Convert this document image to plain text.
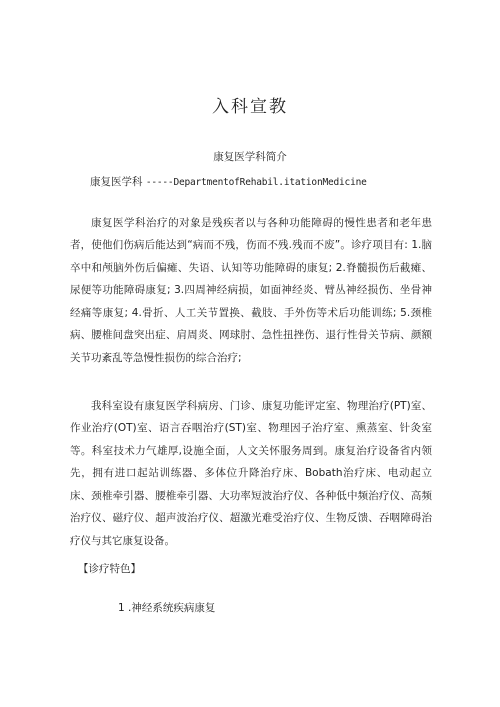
入科宣教
康复医学科简介
康复医学科 -----DepartmentofRehabil.itationMedicine

康复医学科治疗的对象是残疾者以与各种功能障碍的慢性患者和老年患者，使他们伤病后能达到“病而不残，伤而不残.残而不废”。诊疗项目有: 1.脑卒中和颅脑外伤后偏瘫、失语、认知等功能障碍的康复; 2.脊髓损伤后截瘫、尿便等功能障碍康复; 3.四周神经病损，如面神经炎、臂丛神经损伤、坐骨神经痛等康复; 4.骨折、人工关节置换、截肢、手外伤等术后功能训练; 5.颈椎病、腰椎间盘突出症、肩周炎、网球肘、急性扭挫伤、退行性骨关节病、颜额关节功紊乱等急慢性损伤的综合治疗;

我科室设有康复医学科病房、门诊、康复功能评定室、物理治疗(PT)室、作业治疗(OT)室、语言吞咽治疗(ST)室、物理因子治疗室、熏蒸室、针灸室等。科室技术力气雄厚,设施全面，人文关怀服务周到。康复治疗设备省内领先，拥有进口起站训练器、多体位升降治疗床、Bobath治疗床、电动起立床、颈椎牵引器、腰椎牵引器、大功率短波治疗仪、各种低中频治疗仪、高频治疗仪、磁疗仪、超声波治疗仪、超激光难受治疗仪、生物反馈、吞咽障碍治疗仪与其它康复设备。

【诊疗特色】
1 .神经系统疾病康复
